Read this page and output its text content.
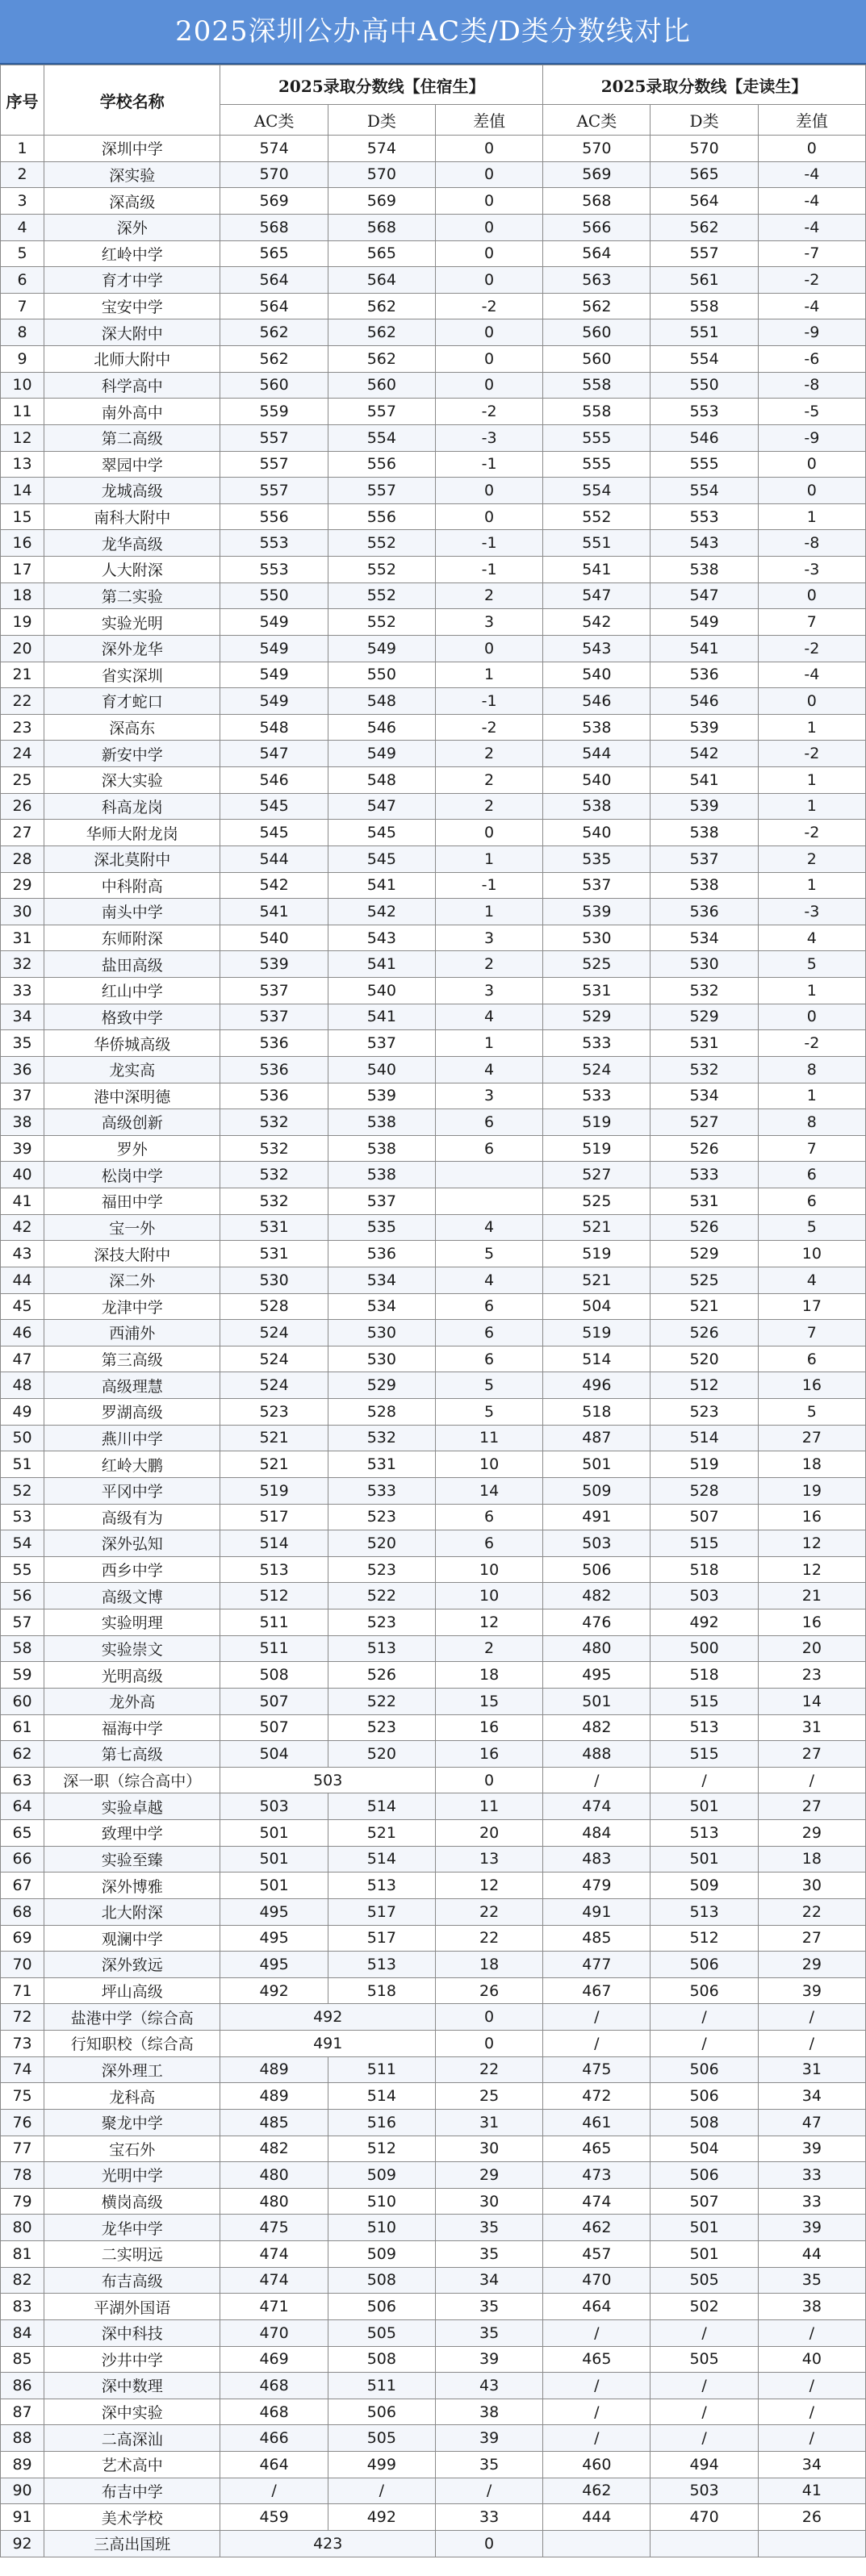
2025深圳公办高中AC类/D类分数线对比
序号	学校名称	2025录取分数线【住宿生】			2025录取分数线【走读生】		
		AC类	D类	差值	AC类	D类	差值
1	深圳中学	574	574	0	570	570	0
2	深实验	570	570	0	569	565	-4
3	深高级	569	569	0	568	564	-4
4	深外	568	568	0	566	562	-4
5	红岭中学	565	565	0	564	557	-7
6	育才中学	564	564	0	563	561	-2
7	宝安中学	564	562	-2	562	558	-4
8	深大附中	562	562	0	560	551	-9
9	北师大附中	562	562	0	560	554	-6
10	科学高中	560	560	0	558	550	-8
11	南外高中	559	557	-2	558	553	-5
12	第二高级	557	554	-3	555	546	-9
13	翠园中学	557	556	-1	555	555	0
14	龙城高级	557	557	0	554	554	0
15	南科大附中	556	556	0	552	553	1
16	龙华高级	553	552	-1	551	543	-8
17	人大附深	553	552	-1	541	538	-3
18	第二实验	550	552	2	547	547	0
19	实验光明	549	552	3	542	549	7
20	深外龙华	549	549	0	543	541	-2
21	省实深圳	549	550	1	540	536	-4
22	育才蛇口	549	548	-1	546	546	0
23	深高东	548	546	-2	538	539	1
24	新安中学	547	549	2	544	542	-2
25	深大实验	546	548	2	540	541	1
26	科高龙岗	545	547	2	538	539	1
27	华师大附龙岗	545	545	0	540	538	-2
28	深北莫附中	544	545	1	535	537	2
29	中科附高	542	541	-1	537	538	1
30	南头中学	541	542	1	539	536	-3
31	东师附深	540	543	3	530	534	4
32	盐田高级	539	541	2	525	530	5
33	红山中学	537	540	3	531	532	1
34	格致中学	537	541	4	529	529	0
35	华侨城高级	536	537	1	533	531	-2
36	龙实高	536	540	4	524	532	8
37	港中深明德	536	539	3	533	534	1
38	高级创新	532	538	6	519	527	8
39	罗外	532	538	6	519	526	7
40	松岗中学	532	538		527	533	6
41	福田中学	532	537		525	531	6
42	宝一外	531	535	4	521	526	5
43	深技大附中	531	536	5	519	529	10
44	深二外	530	534	4	521	525	4
45	龙津中学	528	534	6	504	521	17
46	西浦外	524	530	6	519	526	7
47	第三高级	524	530	6	514	520	6
48	高级理慧	524	529	5	496	512	16
49	罗湖高级	523	528	5	518	523	5
50	燕川中学	521	532	11	487	514	27
51	红岭大鹏	521	531	10	501	519	18
52	平冈中学	519	533	14	509	528	19
53	高级有为	517	523	6	491	507	16
54	深外弘知	514	520	6	503	515	12
55	西乡中学	513	523	10	506	518	12
56	高级文博	512	522	10	482	503	21
57	实验明理	511	523	12	476	492	16
58	实验崇文	511	513	2	480	500	20
59	光明高级	508	526	18	495	518	23
60	龙外高	507	522	15	501	515	14
61	福海中学	507	523	16	482	513	31
62	第七高级	504	520	16	488	515	27
63	深一职（综合高中）	503		0	/	/	/
64	实验卓越	503	514	11	474	501	27
65	致理中学	501	521	20	484	513	29
66	实验至臻	501	514	13	483	501	18
67	深外博雅	501	513	12	479	509	30
68	北大附深	495	517	22	491	513	22
69	观澜中学	495	517	22	485	512	27
70	深外致远	495	513	18	477	506	29
71	坪山高级	492	518	26	467	506	39
72	盐港中学（综合高	492		0	/	/	/
73	行知职校（综合高	491		0	/	/	/
74	深外理工	489	511	22	475	506	31
75	龙科高	489	514	25	472	506	34
76	聚龙中学	485	516	31	461	508	47
77	宝石外	482	512	30	465	504	39
78	光明中学	480	509	29	473	506	33
79	横岗高级	480	510	30	474	507	33
80	龙华中学	475	510	35	462	501	39
81	二实明远	474	509	35	457	501	44
82	布吉高级	474	508	34	470	505	35
83	平湖外国语	471	506	35	464	502	38
84	深中科技	470	505	35	/	/	/
85	沙井中学	469	508	39	465	505	40
86	深中数理	468	511	43	/	/	/
87	深中实验	468	506	38	/	/	/
88	二高深汕	466	505	39	/	/	/
89	艺术高中	464	499	35	460	494	34
90	布吉中学	/	/	/	462	503	41
91	美术学校	459	492	33	444	470	26
92	三高出国班	423		0			
